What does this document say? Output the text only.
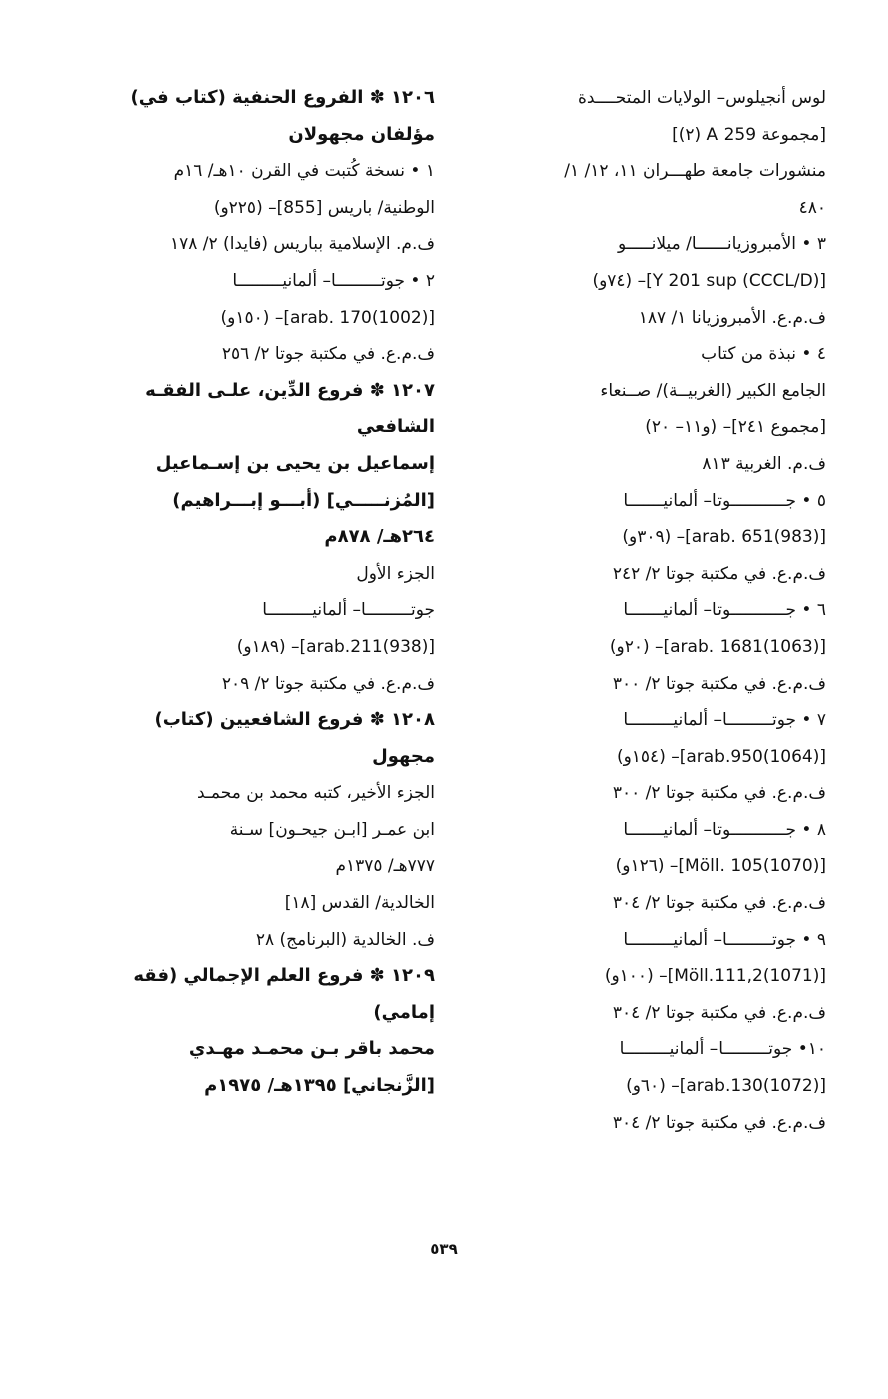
لوس أنجيلوس– الولايات المتحــــدة
[مجموعة 259 A (٢)]
منشورات جامعة طهـــران ١١، ١٢/ ١/
٤٨٠
٣ • الأمبروزيانــــــا/ ميلانـــــو
[Y 201 sup (CCCL/D)]– (٧٤و)
ف.م.ع. الأمبروزيانا ١/ ١٨٧
٤ • نبذة من كتاب
الجامع الكبير (الغربيــة)/ صــنعاء
[مجموع ٢٤١]– (و١١– ٢٠)
ف.م. الغربية ٨١٣
٥ • جـــــــــــوتا– ألمانيـــــــا
[(983)arab. 651]– (٣٠٩و)
ف.م.ع. في مكتبة جوتا ٢/ ٢٤٢
٦ • جـــــــــــوتا– ألمانيـــــــا
[(1063)arab. 1681]– (٢٠و)
ف.م.ع. في مكتبة جوتا ٢/ ٣٠٠
٧ • جوتـــــــــا– ألمانيـــــــــا
[(1064)arab.950]– (١٥٤و)
ف.م.ع. في مكتبة جوتا ٢/ ٣٠٠
٨ • جـــــــــــوتا– ألمانيـــــــا
[(1070)Möll. 105]– (١٢٦و)
ف.م.ع. في مكتبة جوتا ٢/ ٣٠٤
٩ • جوتـــــــــا– ألمانيـــــــــا
[(1071)Möll.111,2]– (١٠٠و)
ف.م.ع. في مكتبة جوتا ٢/ ٣٠٤
١٠• جوتـــــــــا– ألمانيـــــــــا
[(1072)arab.130]– (٦٠و)
ف.م.ع. في مكتبة جوتا ٢/ ٣٠٤
١٢٠٦ ✽ الفروع الحنفية (كتاب في)
مؤلفان مجهولان
١ • نسخة كُتبت في القرن ١٠هـ/ ١٦م
الوطنية/ باريس [855]– (٢٢٥و)
ف.م. الإسلامية بباريس (فايدا) ٢/ ١٧٨
٢ • جوتـــــــــا– ألمانيـــــــــا
[(1002)arab. 170]– (١٥٠و)
ف.م.ع. في مكتبة جوتا ٢/ ٢٥٦
١٢٠٧ ✽ فروع الدِّين، علـى الفقـه
الشافعي
إسماعيل بن يحيى بن إسـماعيل
[المُزنـــــي] (أبـــو إبـــراهيم)
٢٦٤هـ/ ٨٧٨م
الجزء الأول
جوتـــــــــا– ألمانيـــــــــا
[(938)arab.211]– (١٨٩و)
ف.م.ع. في مكتبة جوتا ٢/ ٢٠٩
١٢٠٨ ✽ فروع الشافعيين (كتاب)
مجهول
الجزء الأخير، كتبه محمد بن محمـد
ابن عمـر [ابـن جيحـون] سـنة
٧٧٧هـ/ ١٣٧٥م
الخالدية/ القدس [١٨]
ف. الخالدية (البرنامج) ٢٨
١٢٠٩ ✽ فروع العلم الإجمالي (فقه
إمامي)
محمد باقر بـن محمـد مهـدي
[الزَّنجاني] ١٣٩٥هـ/ ١٩٧٥م
٥٣٩
